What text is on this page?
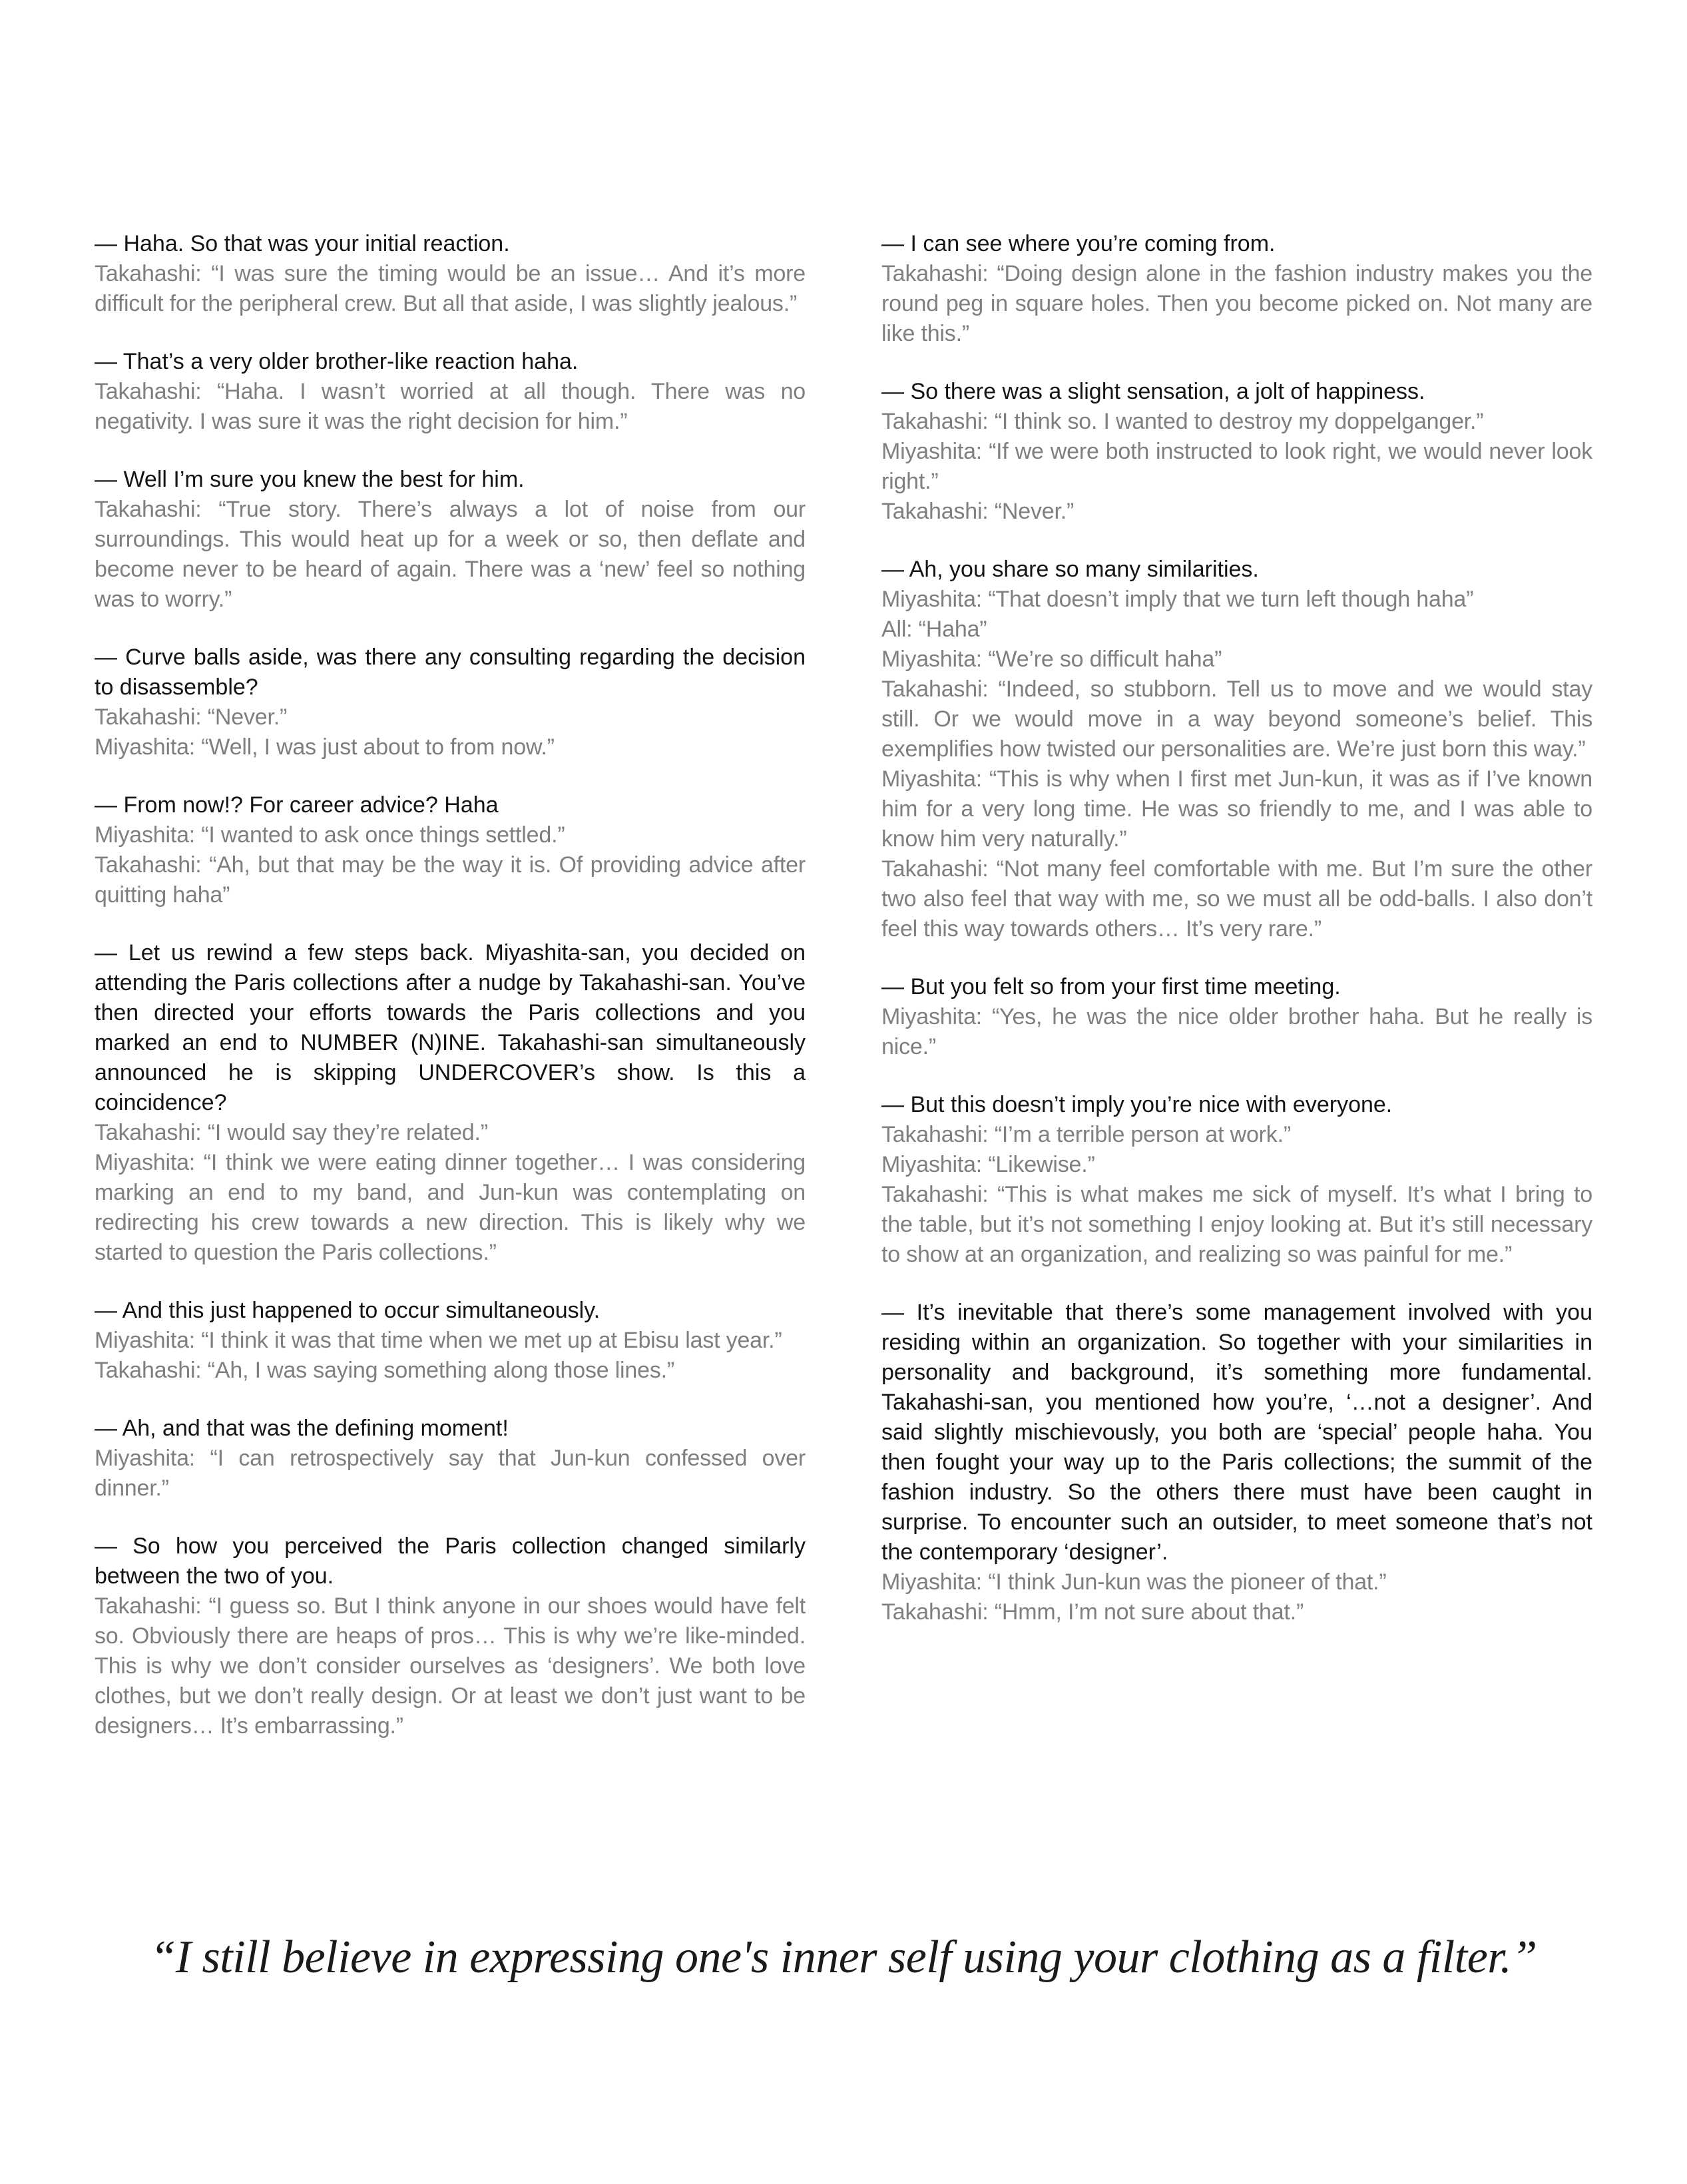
— Haha. So that was your initial reaction.

Takahashi: “I was sure the timing would be an issue… And it’s more difficult for the peripheral crew. But all that aside, I was slightly jealous.”

— That’s a very older brother-like reaction haha.

Takahashi: “Haha. I wasn’t worried at all though. There was no negativity. I was sure it was the right decision for him.”

— Well I’m sure you knew the best for him.

Takahashi: “True story. There’s always a lot of noise from our surroundings. This would heat up for a week or so, then deflate and become never to be heard of again. There was a ‘new’ feel so nothing was to worry.”

— Curve balls aside, was there any consulting regarding the decision to disassemble?

Takahashi: “Never.”

Miyashita: “Well, I was just about to from now.”

— From now!? For career advice? Haha

Miyashita: “I wanted to ask once things settled.”

Takahashi: “Ah, but that may be the way it is. Of providing advice after quitting haha”

— Let us rewind a few steps back. Miyashita-san, you decided on attending the Paris collections after a nudge by Takahashi-san. You’ve then directed your efforts towards the Paris collections and you marked an end to NUMBER (N)INE. Takahashi-san simultaneously announced he is skipping UNDERCOVER’s show. Is this a coincidence?

Takahashi: “I would say they’re related.”

Miyashita: “I think we were eating dinner together… I was considering marking an end to my band, and Jun-kun was contemplating on redirecting his crew towards a new direction. This is likely why we started to question the Paris collections.”

— And this just happened to occur simultaneously.

Miyashita: “I think it was that time when we met up at Ebisu last year.”

Takahashi: “Ah, I was saying something along those lines.”

— Ah, and that was the defining moment!

Miyashita: “I can retrospectively say that Jun-kun confessed over dinner.”

— So how you perceived the Paris collection changed similarly between the two of you.

Takahashi: “I guess so. But I think anyone in our shoes would have felt so. Obviously there are heaps of pros… This is why we’re like-minded. This is why we don’t consider ourselves as ‘designers’. We both love clothes, but we don’t really design. Or at least we don’t just want to be designers… It’s embarrassing.”

— I can see where you’re coming from.

Takahashi: “Doing design alone in the fashion industry makes you the round peg in square holes. Then you become picked on. Not many are like this.”

— So there was a slight sensation, a jolt of happiness.

Takahashi: “I think so. I wanted to destroy my doppelganger.”

Miyashita: “If we were both instructed to look right, we would never look right.”

Takahashi: “Never.”

— Ah, you share so many similarities.

Miyashita: “That doesn’t imply that we turn left though haha”

All: “Haha”

Miyashita: “We’re so difficult haha”

Takahashi: “Indeed, so stubborn. Tell us to move and we would stay still. Or we would move in a way beyond someone’s belief. This exemplifies how twisted our personalities are. We’re just born this way.”

Miyashita: “This is why when I first met Jun-kun, it was as if I’ve known him for a very long time. He was so friendly to me, and I was able to know him very naturally.”

Takahashi: “Not many feel comfortable with me. But I’m sure the other two also feel that way with me, so we must all be odd-balls. I also don’t feel this way towards others… It’s very rare.”

— But you felt so from your first time meeting.

Miyashita: “Yes, he was the nice older brother haha. But he really is nice.”

— But this doesn’t imply you’re nice with everyone.

Takahashi: “I’m a terrible person at work.”

Miyashita: “Likewise.”

Takahashi: “This is what makes me sick of myself. It’s what I bring to the table, but it’s not something I enjoy looking at. But it’s still necessary to show at an organization, and realizing so was painful for me.”

— It’s inevitable that there’s some management involved with you residing within an organization. So together with your similarities in personality and background, it’s something more fundamental. Takahashi-san, you mentioned how you’re, ‘…not a designer’. And said slightly mischievously, you both are ‘special’ people haha. You then fought your way up to the Paris collections; the summit of the fashion industry. So the others there must have been caught in surprise. To encounter such an outsider, to meet someone that’s not the contemporary ‘designer’.

Miyashita: “I think Jun-kun was the pioneer of that.”

Takahashi: “Hmm, I’m not sure about that.”

“I still believe in expressing one's inner self using your clothing as a filter.”
